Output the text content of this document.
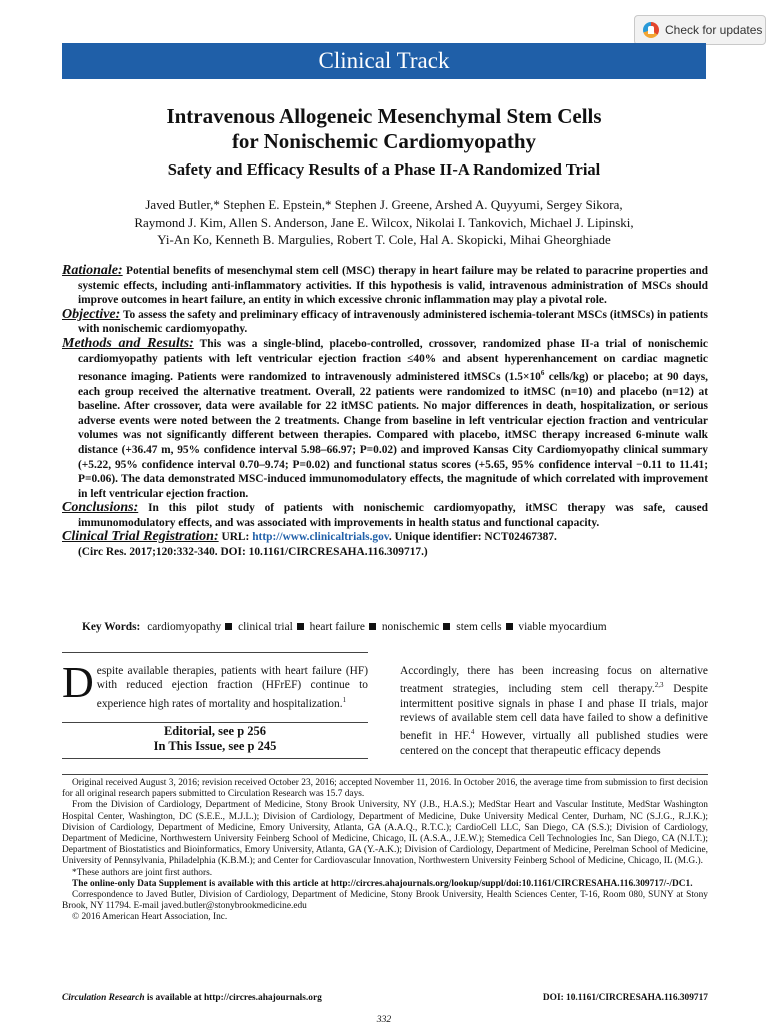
Check for updates
Clinical Track
Intravenous Allogeneic Mesenchymal Stem Cells
for Nonischemic Cardiomyopathy
Safety and Efficacy Results of a Phase II-A Randomized Trial
Javed Butler,* Stephen E. Epstein,* Stephen J. Greene, Arshed A. Quyyumi, Sergey Sikora,
Raymond J. Kim, Allen S. Anderson, Jane E. Wilcox, Nikolai I. Tankovich, Michael J. Lipinski,
Yi-An Ko, Kenneth B. Margulies, Robert T. Cole, Hal A. Skopicki, Mihai Gheorghiade

Rationale: Potential benefits of mesenchymal stem cell (MSC) therapy in heart failure may be related to paracrine properties and systemic effects, including anti-inflammatory activities. If this hypothesis is valid, intravenous administration of MSCs should improve outcomes in heart failure, an entity in which excessive chronic inflammation may play a pivotal role.

Objective: To assess the safety and preliminary efficacy of intravenously administered ischemia-tolerant MSCs (itMSCs) in patients with nonischemic cardiomyopathy.

Methods and Results: This was a single-blind, placebo-controlled, crossover, randomized phase II-a trial of nonischemic cardiomyopathy patients with left ventricular ejection fraction ≤40% and absent hyperenhancement on cardiac magnetic resonance imaging. Patients were randomized to intravenously administered itMSCs ($1.5\times 10^6$ cells/kg) or placebo; at 90 days, each group received the alternative treatment. Overall, 22 patients were randomized to itMSC (n=10) and placebo (n=12) at baseline. After crossover, data were available for 22 itMSC patients. No major differences in death, hospitalization, or serious adverse events were noted between the 2 treatments. Change from baseline in left ventricular ejection fraction and ventricular volumes was not significantly different between therapies. Compared with placebo, itMSC therapy increased 6-minute walk distance (+36.47 m, 95% confidence interval 5.98–66.97; P=0.02) and improved Kansas City Cardiomyopathy clinical summary (+5.22, 95% confidence interval 0.70–9.74; P=0.02) and functional status scores (+5.65, 95% confidence interval −0.11 to 11.41; P=0.06). The data demonstrated MSC-induced immunomodulatory effects, the magnitude of which correlated with improvement in left ventricular ejection fraction.

Conclusions: In this pilot study of patients with nonischemic cardiomyopathy, itMSC therapy was safe, caused immunomodulatory effects, and was associated with improvements in health status and functional capacity.

Clinical Trial Registration: URL: http://www.clinicaltrials.gov. Unique identifier: NCT02467387.

(Circ Res. 2017;120:332-340. DOI: 10.1161/CIRCRESAHA.116.309717.)
Key Words: cardiomyopathy clinical trial heart failure nonischemic stem cells viable myocardium
Despite available therapies, patients with heart failure (HF) with reduced ejection fraction (HFrEF) continue to experience high rates of mortality and hospitalization.$^1$
Accordingly, there has been increasing focus on alternative treatment strategies, including stem cell therapy.$^{2,3}$ Despite intermittent positive signals in phase I and phase II trials, major reviews of available stem cell data have failed to show a definitive benefit in HF.$^4$ However, virtually all published studies were centered on the concept that therapeutic efficacy depends
Editorial, see p 256
In This Issue, see p 245

Original received August 3, 2016; revision received October 23, 2016; accepted November 11, 2016. In October 2016, the average time from submission to first decision for all original research papers submitted to Circulation Research was 15.7 days.

From the Division of Cardiology, Department of Medicine, Stony Brook University, NY (J.B., H.A.S.); MedStar Heart and Vascular Institute, MedStar Washington Hospital Center, Washington, DC (S.E.E., M.J.L.); Division of Cardiology, Department of Medicine, Duke University Medical Center, Durham, NC (S.J.G., R.J.K.); Division of Cardiology, Department of Medicine, Emory University, Atlanta, GA (A.A.Q., R.T.C.); CardioCell LLC, San Diego, CA (S.S.); Division of Cardiology, Department of Medicine, Northwestern University Feinberg School of Medicine, Chicago, IL (A.S.A., J.E.W.); Stemedica Cell Technologies Inc, San Diego, CA (N.I.T.); Department of Biostatistics and Bioinformatics, Emory University, Atlanta, GA (Y.-A.K.); Division of Cardiology, Department of Medicine, Perelman School of Medicine, University of Pennsylvania, Philadelphia (K.B.M.); and Center for Cardiovascular Innovation, Northwestern University Feinberg School of Medicine, Chicago, IL (M.G.).

*These authors are joint first authors.

The online-only Data Supplement is available with this article at http://circres.ahajournals.org/lookup/suppl/doi:10.1161/CIRCRESAHA.116.309717/-/DC1.

Correspondence to Javed Butler, Division of Cardiology, Department of Medicine, Stony Brook University, Health Sciences Center, T-16, Room 080, SUNY at Stony Brook, NY 11794. E-mail javed.butler@stonybrookmedicine.edu

© 2016 American Heart Association, Inc.

Circulation Research is available at http://circres.ahajournals.org	DOI: 10.1161/CIRCRESAHA.116.309717
332
